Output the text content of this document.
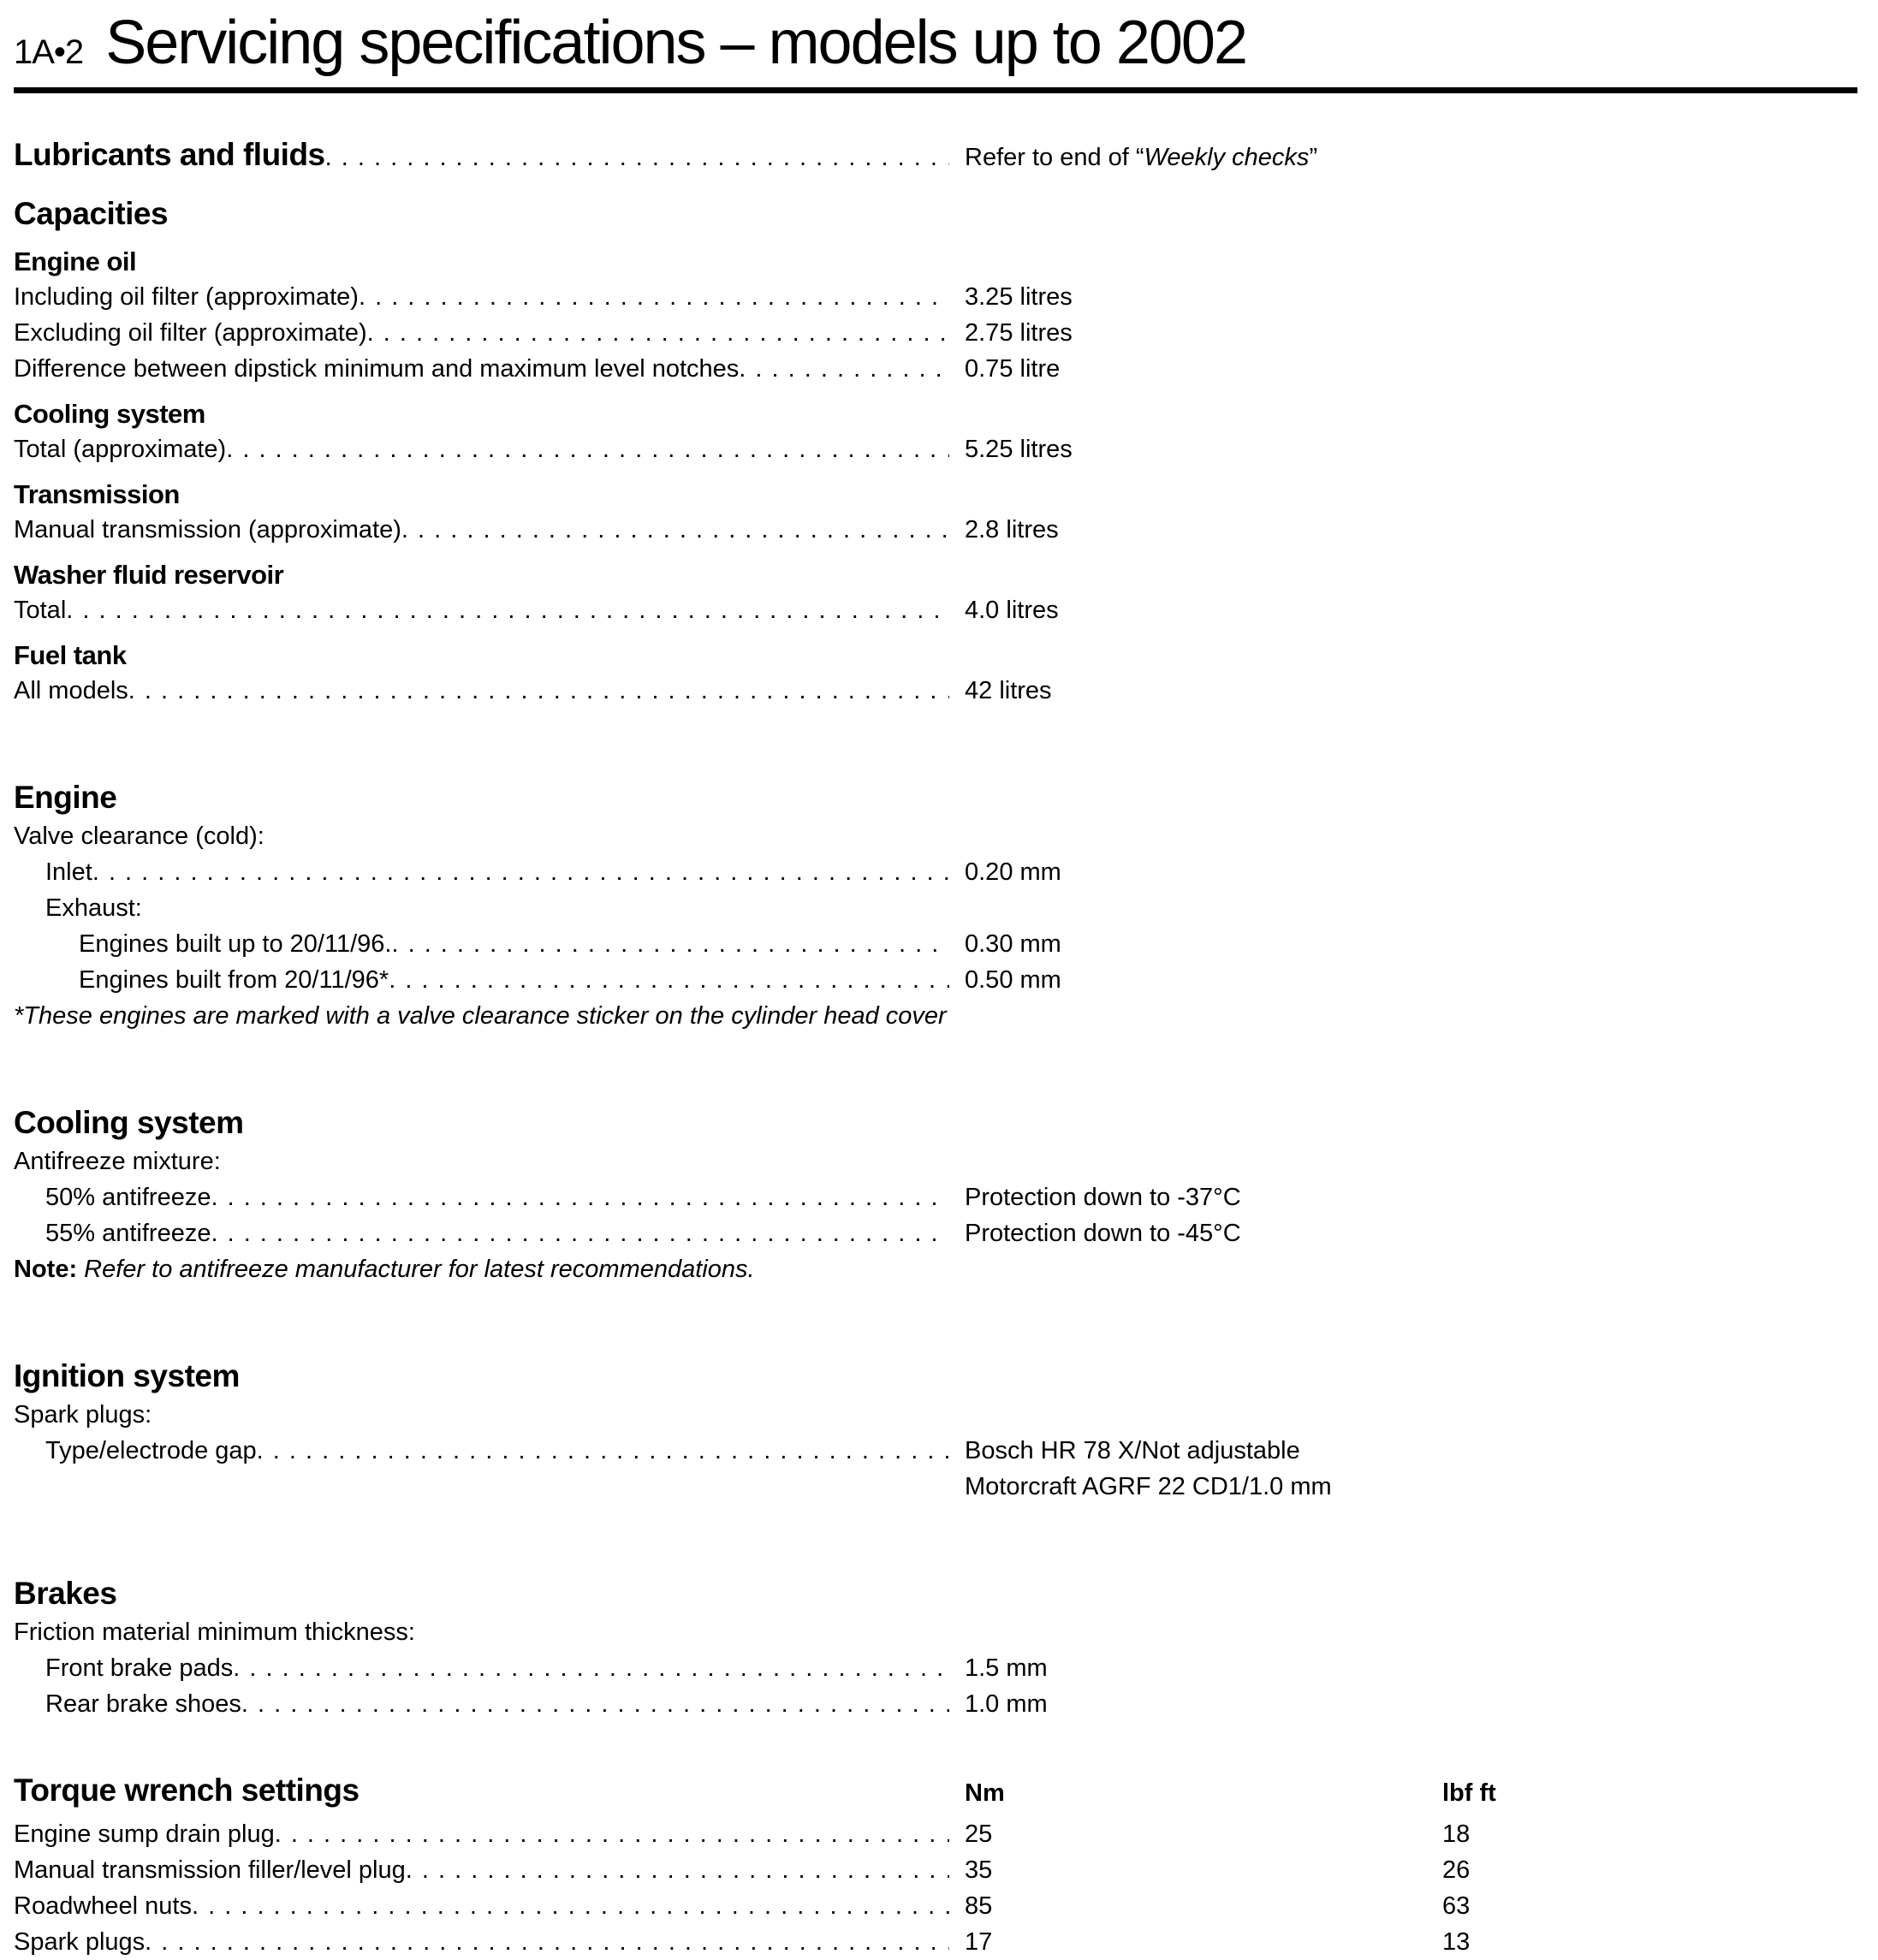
1A•2 Servicing specifications – models up to 2002
Lubricants and fluids . . .	Refer to end of “Weekly checks”
Capacities
Engine oil
Including oil filter (approximate) . . .	3.25 litres
Excluding oil filter (approximate) . . .	2.75 litres
Difference between dipstick minimum and maximum level notches . . .	0.75 litre
Cooling system
Total (approximate) . . .	5.25 litres
Transmission
Manual transmission (approximate) . . .	2.8 litres
Washer fluid reservoir
Total . . .	4.0 litres
Fuel tank
All models . . .	42 litres
Engine
Valve clearance (cold):
Inlet . . .	0.20 mm
Exhaust:
Engines built up to 20/11/96. . . .	0.30 mm
Engines built from 20/11/96* . . .	0.50 mm
*These engines are marked with a valve clearance sticker on the cylinder head cover
Cooling system
Antifreeze mixture:
50% antifreeze . . .	Protection down to -37°C
55% antifreeze . . .	Protection down to -45°C
Note: Refer to antifreeze manufacturer for latest recommendations.
Ignition system
Spark plugs:
Type/electrode gap . . .	Bosch HR 78 X/Not adjustable
Motorcraft AGRF 22 CD1/1.0 mm
Brakes
Friction material minimum thickness:
Front brake pads . . .	1.5 mm
Rear brake shoes . . .	1.0 mm
Torque wrench settings	Nm	lbf ft
Engine sump drain plug . . .	25	18
Manual transmission filler/level plug . . .	35	26
Roadwheel nuts . . .	85	63
Spark plugs . . .	17	13
